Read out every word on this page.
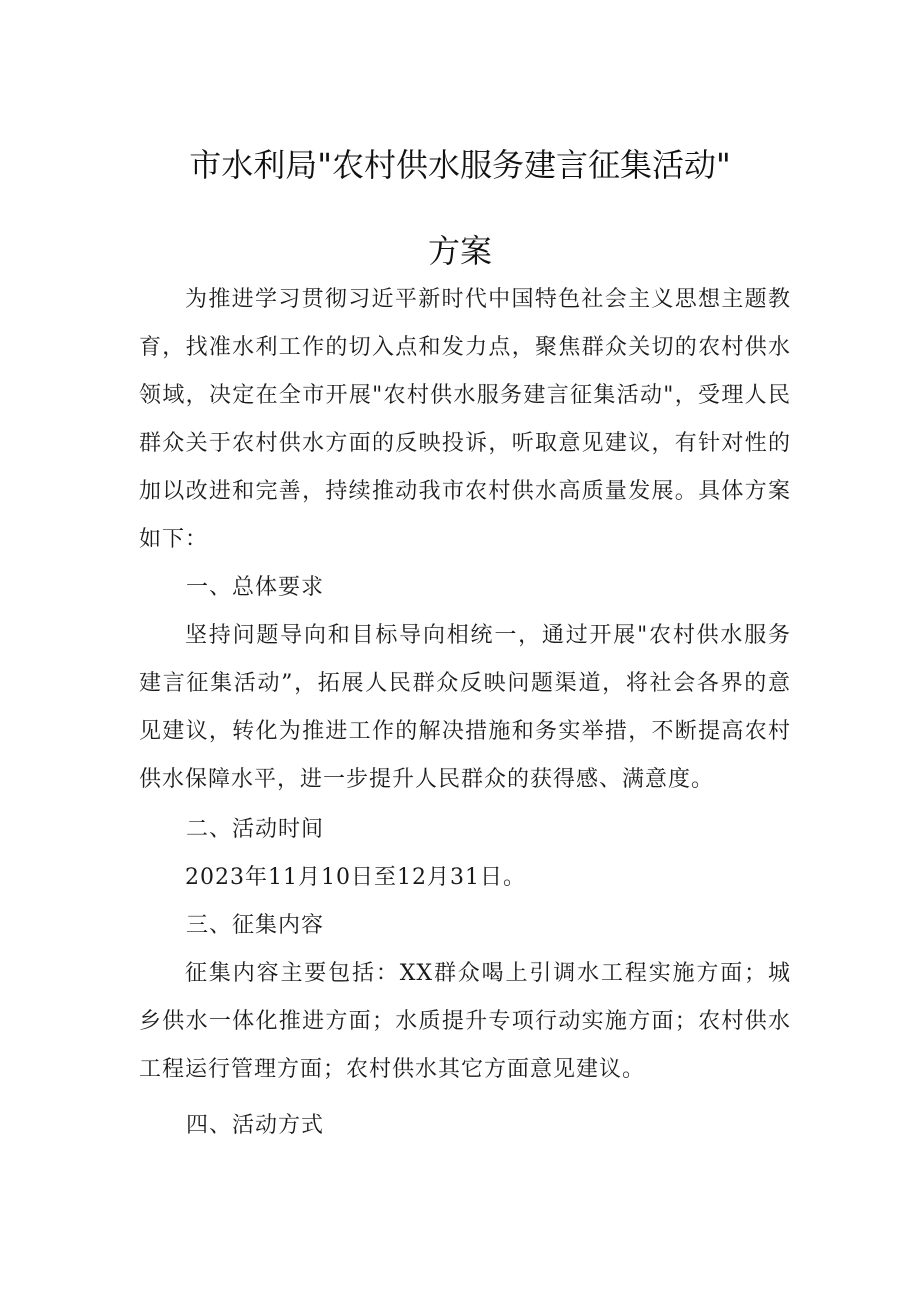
市水利局"农村供水服务建言征集活动"
方案

为推进学习贯彻习近平新时代中国特色社会主义思想主题教育，找准水利工作的切入点和发力点，聚焦群众关切的农村供水领域，决定在全市开展"农村供水服务建言征集活动"，受理人民群众关于农村供水方面的反映投诉，听取意见建议，有针对性的加以改进和完善，持续推动我市农村供水高质量发展。具体方案如下：

一、总体要求

坚持问题导向和目标导向相统一，通过开展"农村供水服务建言征集活动”，拓展人民群众反映问题渠道，将社会各界的意见建议，转化为推进工作的解决措施和务实举措，不断提高农村供水保障水平，进一步提升人民群众的获得感、满意度。

二、活动时间

2023年11月10日至12月31日。

三、征集内容

征集内容主要包括：XX群众喝上引调水工程实施方面；城乡供水一体化推进方面；水质提升专项行动实施方面；农村供水工程运行管理方面；农村供水其它方面意见建议。

四、活动方式
